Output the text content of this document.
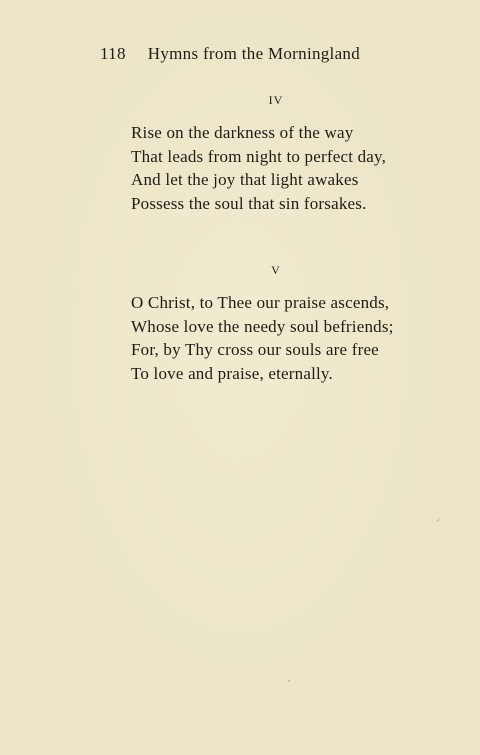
118 Hymns from the Morningland
IV
Rise on the darkness of the way
That leads from night to perfect day,
And let the joy that light awakes
Possess the soul that sin forsakes.
V
O Christ, to Thee our praise ascends,
Whose love the needy soul befriends;
For, by Thy cross our souls are free
To love and praise, eternally.
